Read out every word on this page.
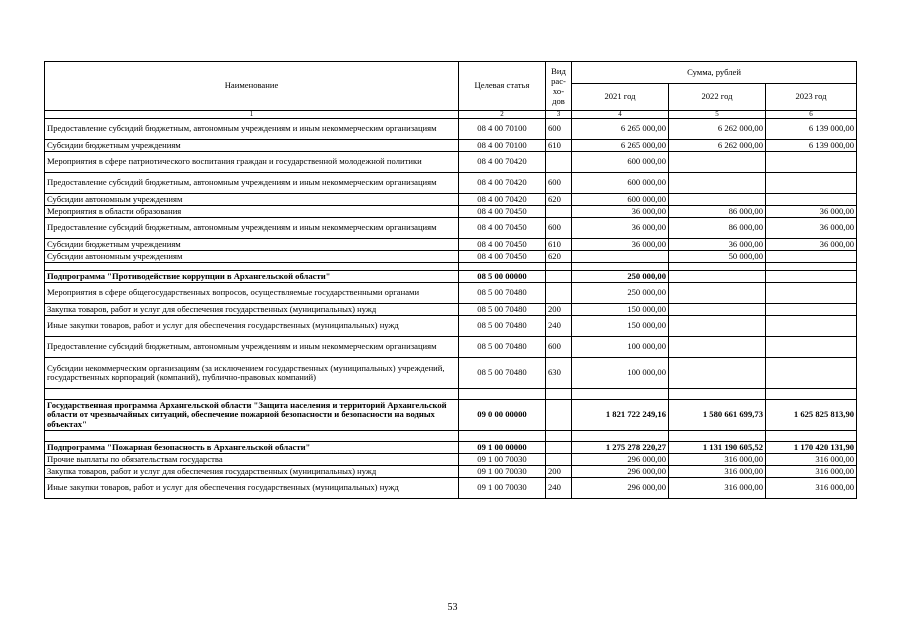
Наименование	Целевая статья	Вид рас- хо- дов	Сумма, рублей		
			2021 год	2022 год	2023 год
1	2	3	4	5	6
Предоставление субсидий бюджетным, автономным учреждениям и иным некоммерческим организациям	08 4 00 70100	600	6 265 000,00	6 262 000,00	6 139 000,00
Субсидии бюджетным учреждениям	08 4 00 70100	610	6 265 000,00	6 262 000,00	6 139 000,00
Мероприятия в сфере патриотического воспитания граждан и государственной молодежной политики	08 4 00 70420		600 000,00		
Предоставление субсидий бюджетным, автономным учреждениям и иным некоммерческим организациям	08 4 00 70420	600	600 000,00		
Субсидии автономным учреждениям	08 4 00 70420	620	600 000,00		
Мероприятия в области образования	08 4 00 70450		36 000,00	86 000,00	36 000,00
Предоставление субсидий бюджетным, автономным учреждениям и иным некоммерческим организациям	08 4 00 70450	600	36 000,00	86 000,00	36 000,00
Субсидии бюджетным учреждениям	08 4 00 70450	610	36 000,00	36 000,00	36 000,00
Субсидии автономным учреждениям	08 4 00 70450	620		50 000,00	

Подпрограмма "Противодействие коррупции в Архангельской области"	08 5 00 00000		250 000,00		
Мероприятия в сфере общегосударственных вопросов, осуществляемые государственными органами	08 5 00 70480		250 000,00		
Закупка товаров, работ и услуг для обеспечения государственных (муниципальных) нужд	08 5 00 70480	200	150 000,00		
Иные закупки товаров, работ и услуг для обеспечения государственных (муниципальных) нужд	08 5 00 70480	240	150 000,00		
Предоставление субсидий бюджетным, автономным учреждениям и иным некоммерческим организациям	08 5 00 70480	600	100 000,00		
Субсидии некоммерческим организациям (за исключением государственных (муниципальных) учреждений, государственных корпораций (компаний), публично-правовых компаний)	08 5 00 70480	630	100 000,00		

Государственная программа Архангельской области "Защита населения и территорий Архангельской области от чрезвычайных ситуаций, обеспечение пожарной безопасности и безопасности на водных объектах"	09 0 00 00000		1 821 722 249,16	1 580 661 699,73	1 625 825 813,90

Подпрограмма "Пожарная безопасность в Архангельской области"	09 1 00 00000		1 275 278 220,27	1 131 190 605,52	1 170 420 131,90
Прочие выплаты по обязательствам государства	09 1 00 70030		296 000,00	316 000,00	316 000,00
Закупка товаров, работ и услуг для обеспечения государственных (муниципальных) нужд	09 1 00 70030	200	296 000,00	316 000,00	316 000,00
Иные закупки товаров, работ и услуг для обеспечения государственных (муниципальных) нужд	09 1 00 70030	240	296 000,00	316 000,00	316 000,00
53
